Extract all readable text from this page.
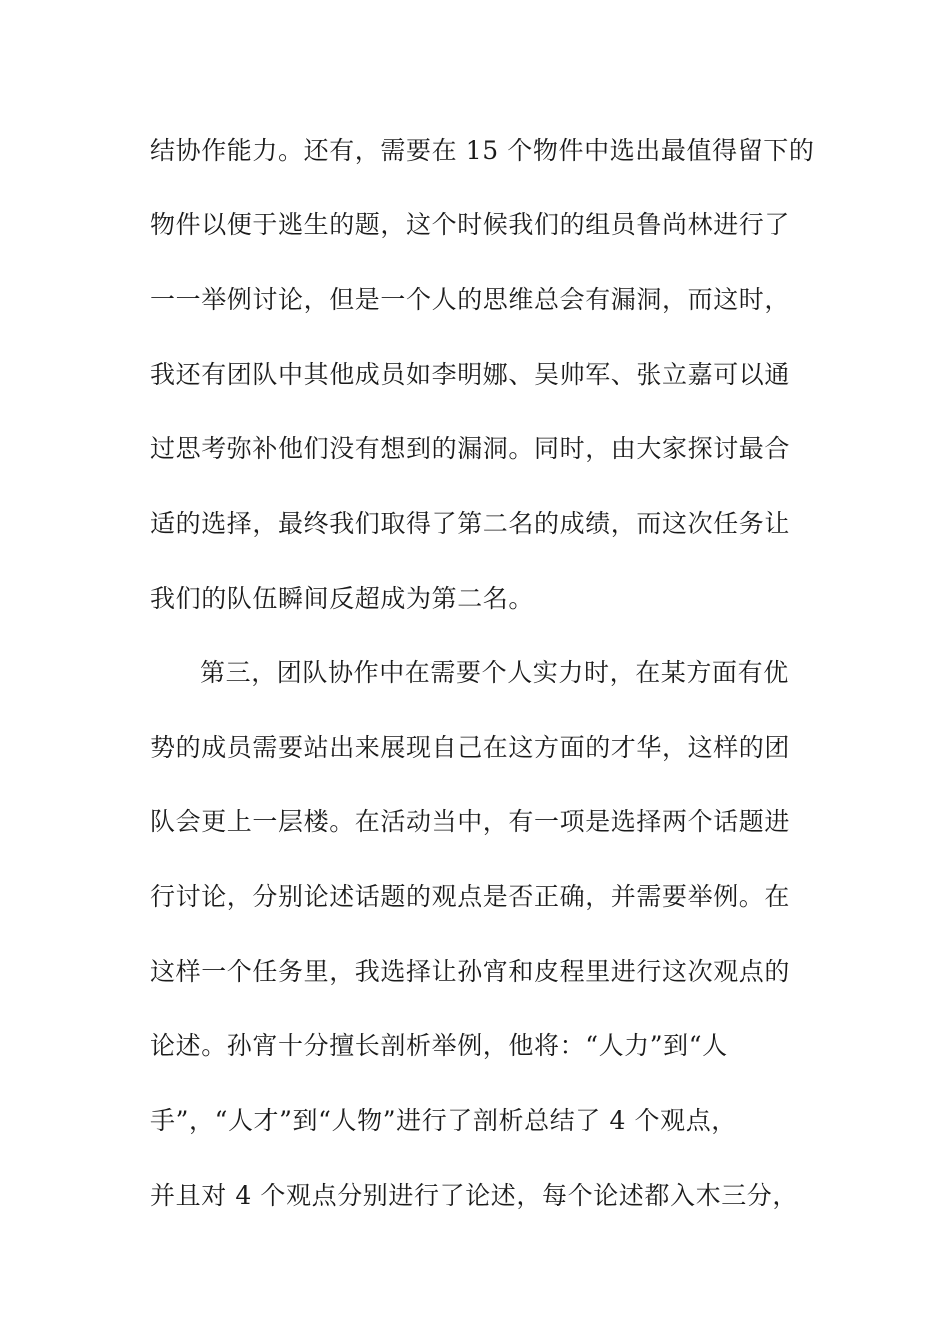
结协作能力。还有，需要在 15 个物件中选出最值得留下的
物件以便于逃生的题，这个时候我们的组员鲁尚林进行了
一一举例讨论，但是一个人的思维总会有漏洞，而这时，
我还有团队中其他成员如李明娜、吴帅军、张立嘉可以通
过思考弥补他们没有想到的漏洞。同时，由大家探讨最合
适的选择，最终我们取得了第二名的成绩，而这次任务让
我们的队伍瞬间反超成为第二名。
第三，团队协作中在需要个人实力时，在某方面有优
势的成员需要站出来展现自己在这方面的才华，这样的团
队会更上一层楼。在活动当中，有一项是选择两个话题进
行讨论，分别论述话题的观点是否正确，并需要举例。在
这样一个任务里，我选择让孙宵和皮程里进行这次观点的
论述。孙宵十分擅长剖析举例，他将：“人力”到“人
手”，“人才”到“人物”进行了剖析总结了 4 个观点，
并且对 4 个观点分别进行了论述，每个论述都入木三分，
